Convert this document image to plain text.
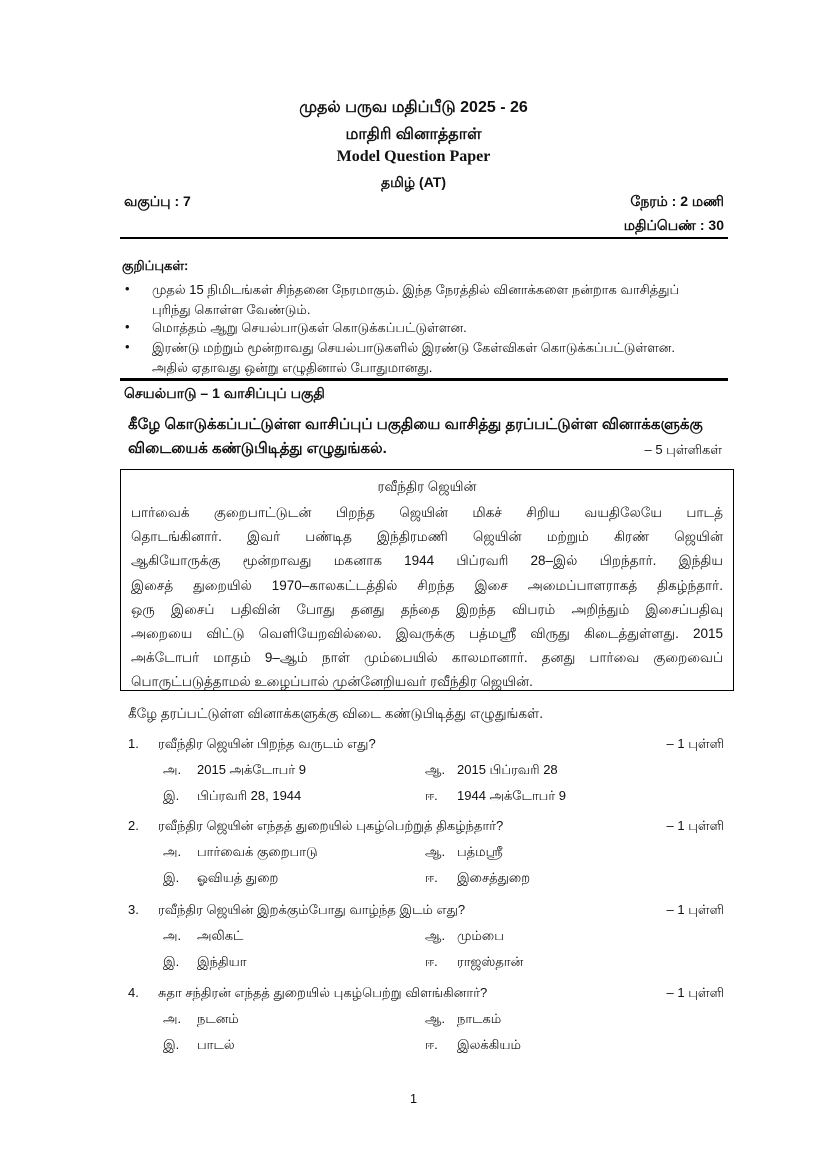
முதல் பருவ மதிப்பீடு 2025 - 26
மாதிரி வினாத்தாள்
Model Question Paper
தமிழ் (AT)
வகுப்பு : 7	நேரம் : 2 மணி
மதிப்பெண் : 30
குறிப்புகள்:
• முதல் 15 நிமிடங்கள் சிந்தனை நேரமாகும். இந்த நேரத்தில் வினாக்களை நன்றாக வாசித்துப்
புரிந்து கொள்ள வேண்டும்.
• மொத்தம் ஆறு செயல்பாடுகள் கொடுக்கப்பட்டுள்ளன.
• இரண்டு மற்றும் மூன்றாவது செயல்பாடுகளில் இரண்டு கேள்விகள் கொடுக்கப்பட்டுள்ளன.
அதில் ஏதாவது ஒன்று எழுதினால் போதுமானது.
செயல்பாடு – 1 வாசிப்புப் பகுதி
கீழே கொடுக்கப்பட்டுள்ள வாசிப்புப் பகுதியை வாசித்து தரப்பட்டுள்ள வினாக்களுக்கு
விடையைக் கண்டுபிடித்து எழுதுங்கல்.	– 5 புள்ளிகள்
ரவீந்திர ஜெயின்
பார்வைக் குறைபாட்டுடன் பிறந்த ஜெயின் மிகச் சிறிய வயதிலேயே பாடத்
தொடங்கினார். இவர் பண்டித இந்திரமணி ஜெயின் மற்றும் கிரண் ஜெயின்
ஆகியோருக்கு மூன்றாவது மகனாக 1944 பிப்ரவரி 28–இல் பிறந்தார். இந்திய
இசைத் துறையில் 1970–காலகட்டத்தில் சிறந்த இசை அமைப்பாளராகத் திகழ்ந்தார்.
ஒரு இசைப் பதிவின் போது தனது தந்தை இறந்த விபரம் அறிந்தும் இசைப்பதிவு
அறையை விட்டு வெளியேறவில்லை. இவருக்கு பத்மஸ்ரீ விருது கிடைத்துள்ளது. 2015
அக்டோபர் மாதம் 9–ஆம் நாள் மும்பையில் காலமானார். தனது பார்வை குறைவைப்
பொருட்படுத்தாமல் உழைப்பால் முன்னேறியவர் ரவீந்திர ஜெயின்.
கீழே தரப்பட்டுள்ள வினாக்களுக்கு விடை கண்டுபிடித்து எழுதுங்கள்.
1. ரவீந்திர ஜெயின் பிறந்த வருடம் எது?	– 1 புள்ளி
அ. 2015 அக்டோபர் 9	ஆ. 2015 பிப்ரவரி 28
இ. பிப்ரவரி 28, 1944	ஈ. 1944 அக்டோபர் 9
2. ரவீந்திர ஜெயின் எந்தத் துறையில் புகழ்பெற்றுத் திகழ்ந்தார்?	– 1 புள்ளி
அ. பார்வைக் குறைபாடு	ஆ. பத்மஸ்ரீ
இ. ஓவியத் துறை	ஈ. இசைத்துறை
3. ரவீந்திர ஜெயின் இறக்கும்போது வாழ்ந்த இடம் எது?	– 1 புள்ளி
அ. அலிகட்	ஆ. மும்பை
இ. இந்தியா	ஈ. ராஜஸ்தான்
4. சுதா சந்திரன் எந்தத் துறையில் புகழ்பெற்று விளங்கினார்?	– 1 புள்ளி
அ. நடனம்	ஆ. நாடகம்
இ. பாடல்	ஈ. இலக்கியம்
1
